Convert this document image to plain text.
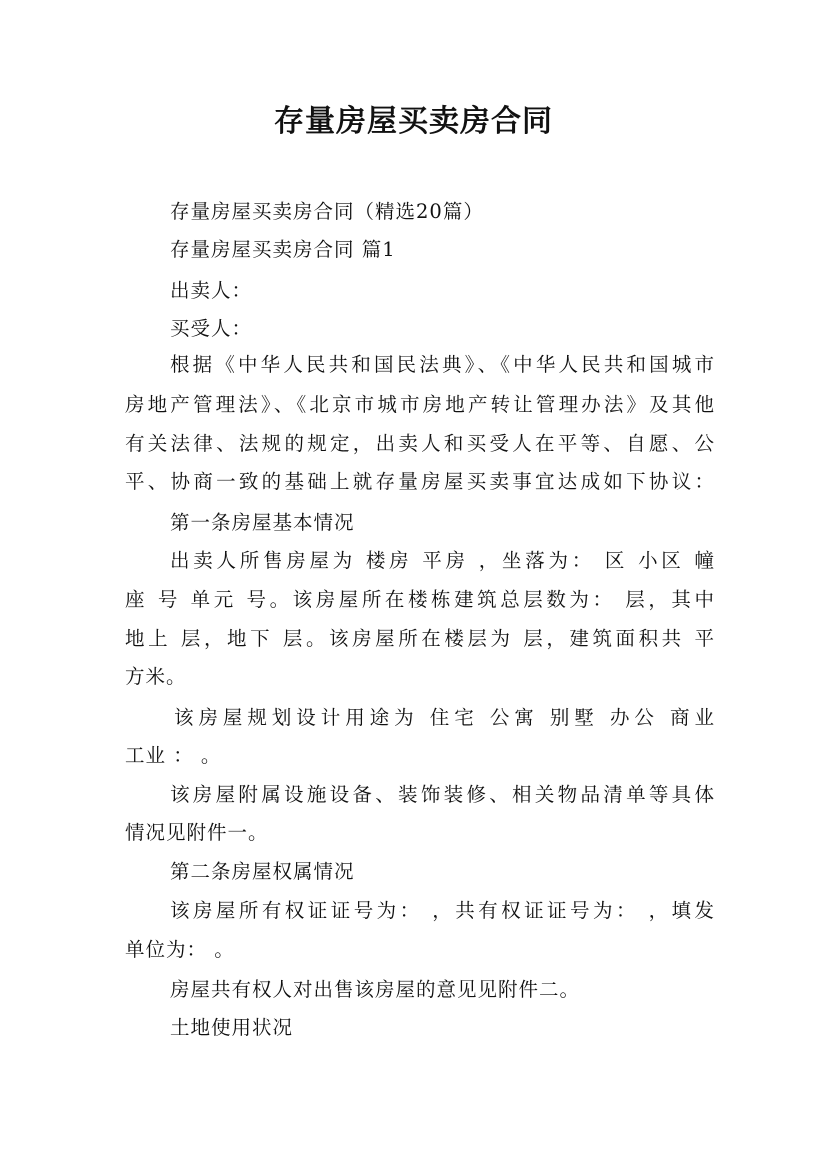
存量房屋买卖房合同
存量房屋买卖房合同（精选20篇）
存量房屋买卖房合同 篇1
出卖人：
买受人：
根据《中华人民共和国民法典》、《中华人民共和国城市
房地产管理法》、《北京市城市房地产转让管理办法》及其他
有关法律、法规的规定，出卖人和买受人在平等、自愿、公
平、协商一致的基础上就存量房屋买卖事宜达成如下协议：
第一条房屋基本情况
出卖人所售房屋为 楼房 平房 ，坐落为： 区 小区 幢
座 号 单元 号。该房屋所在楼栋建筑总层数为： 层，其中
地上 层，地下 层。该房屋所在楼层为 层，建筑面积共 平
方米。
该房屋规划设计用途为 住宅 公寓 别墅 办公 商业
工业 ： 。
该房屋附属设施设备、装饰装修、相关物品清单等具体
情况见附件一。
第二条房屋权属情况
该房屋所有权证证号为： ，共有权证证号为： ，填发
单位为： 。
房屋共有权人对出售该房屋的意见见附件二。
土地使用状况
